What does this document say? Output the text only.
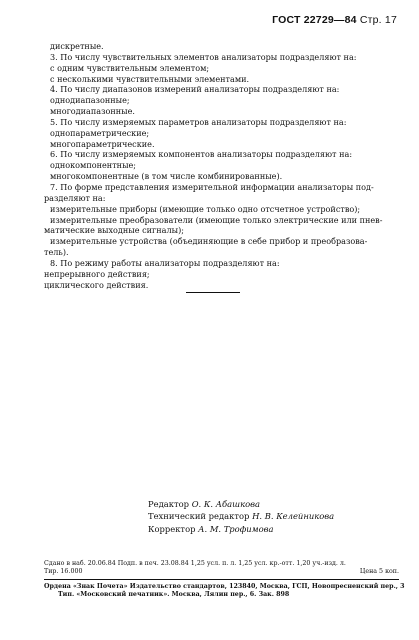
ГОСТ 22729—84 Стр. 17
дискретные.
3. По числу чувствительных элементов анализаторы подразделяют на:
с одним чувствительным элементом;
с несколькими чувствительными элементами.
4. По числу диапазонов измерений анализаторы подразделяют на:
однодиапазонные;
многодиапазонные.
5. По числу измеряемых параметров анализаторы подразделяют на:
однопараметрические;
многопараметрические.
6. По числу измеряемых компонентов анализаторы подразделяют на:
однокомпонентные;
многокомпонентные (в том числе комбинированные).
7. По форме представления измерительной информации анализаторы под-
разделяют на:
измерительные приборы (имеющие только одно отсчетное устройство);
измерительные преобразователи (имеющие только электрические или пнев-
матические выходные сигналы);
измерительные устройства (объединяющие в себе прибор и преобразова-
тель).
8. По режиму работы анализаторы подразделяют на:
непрерывного действия;
циклического действия.
Редактор О. К. Абашкова
Технический редактор Н. В. Келейникова
Корректор А. М. Трофимова
Сдано в наб. 20.06.84 Подп. в печ. 23.08.84 1,25 усл. п. л. 1,25 усл. кр.-отт. 1,20 уч.-изд. л.
Тир. 16.000	Цена 5 коп.
Ордена «Знак Почета» Издательство стандартов, 123840, Москва, ГСП, Новопресненский пер., 3
Тип. «Московский печатник». Москва, Лялин пер., 6. Зак. 898
